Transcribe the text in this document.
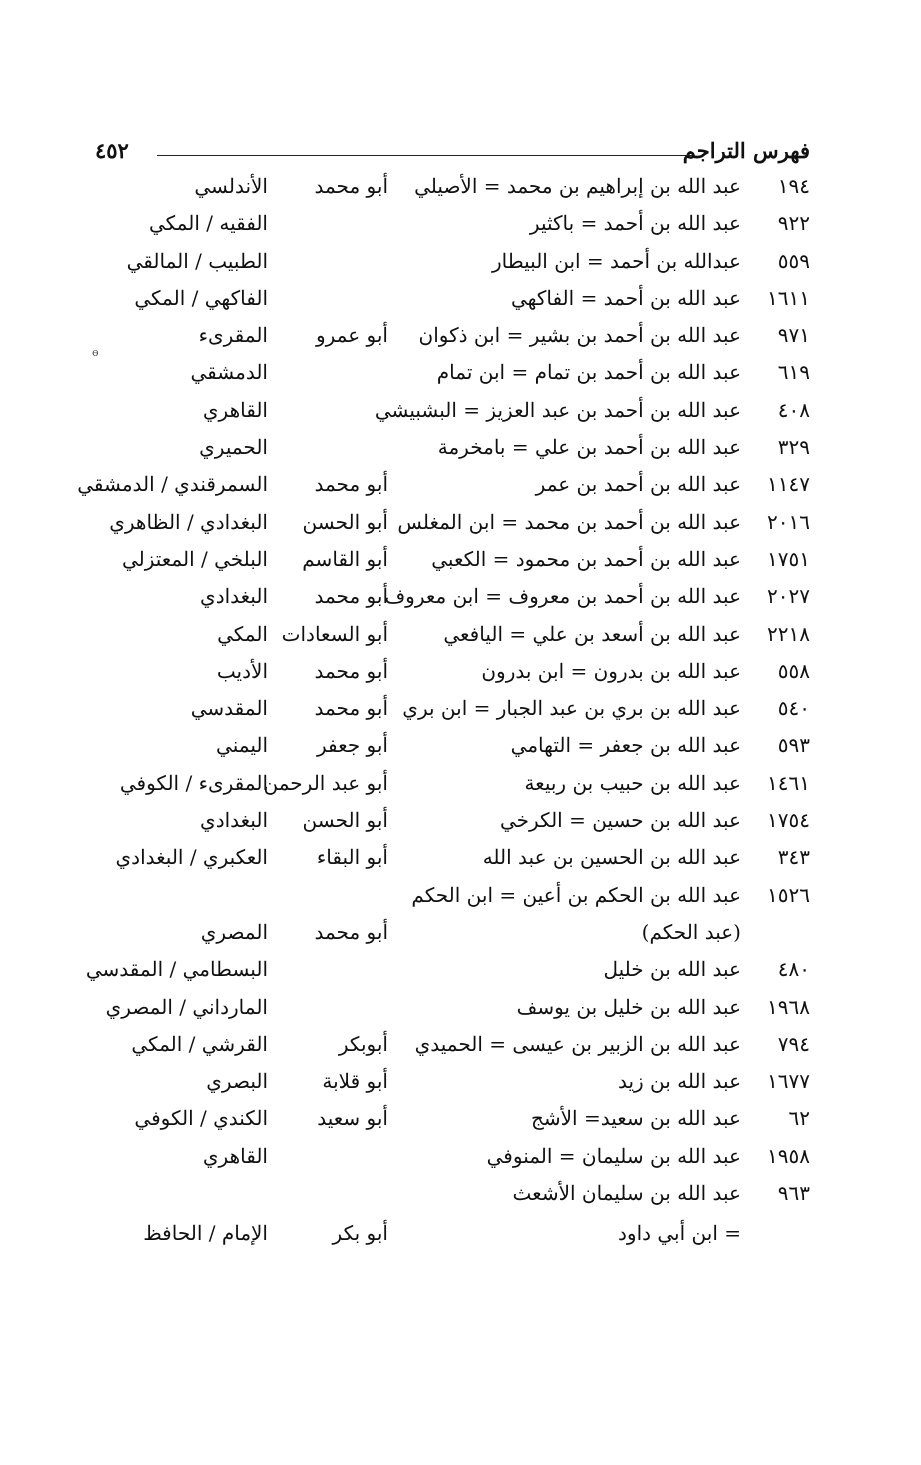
فهرس التراجم
٤٥٢
ɵ
١٩٤
عبد الله بن إبراهيم بن محمد = الأصيلي
أبو محمد
الأندلسي
٩٢٢
عبد الله بن أحمد = باكثير
الفقيه / المكي
٥٥٩
عبدالله بن أحمد = ابن البيطار
الطبيب / المالقي
١٦١١
عبد الله بن أحمد = الفاكهي
الفاكهي / المكي
٩٧١
عبد الله بن أحمد بن بشير = ابن ذكوان
أبو عمرو
المقرىء
٦١٩
عبد الله بن أحمد بن تمام = ابن تمام
الدمشقي
٤٠٨
عبد الله بن أحمد بن عبد العزيز = البشبيشي
القاهري
٣٢٩
عبد الله بن أحمد بن علي = بامخرمة
الحميري
١١٤٧
عبد الله بن أحمد بن عمر
أبو محمد
السمرقندي / الدمشقي
٢٠١٦
عبد الله بن أحمد بن محمد = ابن المغلس
أبو الحسن
البغدادي / الظاهري
١٧٥١
عبد الله بن أحمد بن محمود = الكعبي
أبو القاسم
البلخي / المعتزلي
٢٠٢٧
عبد الله بن أحمد بن معروف = ابن معروف
أبو محمد
البغدادي
٢٢١٨
عبد الله بن أسعد بن علي = اليافعي
أبو السعادات
المكي
٥٥٨
عبد الله بن بدرون = ابن بدرون
أبو محمد
الأديب
٥٤٠
عبد الله بن بري بن عبد الجبار = ابن بري
أبو محمد
المقدسي
٥٩٣
عبد الله بن جعفر = التهامي
أبو جعفر
اليمني
١٤٦١
عبد الله بن حبيب بن ربيعة
أبو عبد الرحمن
المقرىء / الكوفي
١٧٥٤
عبد الله بن حسين = الكرخي
أبو الحسن
البغدادي
٣٤٣
عبد الله بن الحسين بن عبد الله
أبو البقاء
العكبري / البغدادي
١٥٢٦
عبد الله بن الحكم بن أعين = ابن الحكم
(عبد الحكم)
أبو محمد
المصري
٤٨٠
عبد الله بن خليل
البسطامي / المقدسي
١٩٦٨
عبد الله بن خليل بن يوسف
المارداني / المصري
٧٩٤
عبد الله بن الزبير بن عيسى = الحميدي
أبوبكر
القرشي / المكي
١٦٧٧
عبد الله بن زيد
أبو قلابة
البصري
٦٢
عبد الله بن سعيد= الأشج
أبو سعيد
الكندي / الكوفي
١٩٥٨
عبد الله بن سليمان = المنوفي
القاهري
٩٦٣
عبد الله بن سليمان الأشعث
= ابن أبي داود
أبو بكر
الإمام / الحافظ
